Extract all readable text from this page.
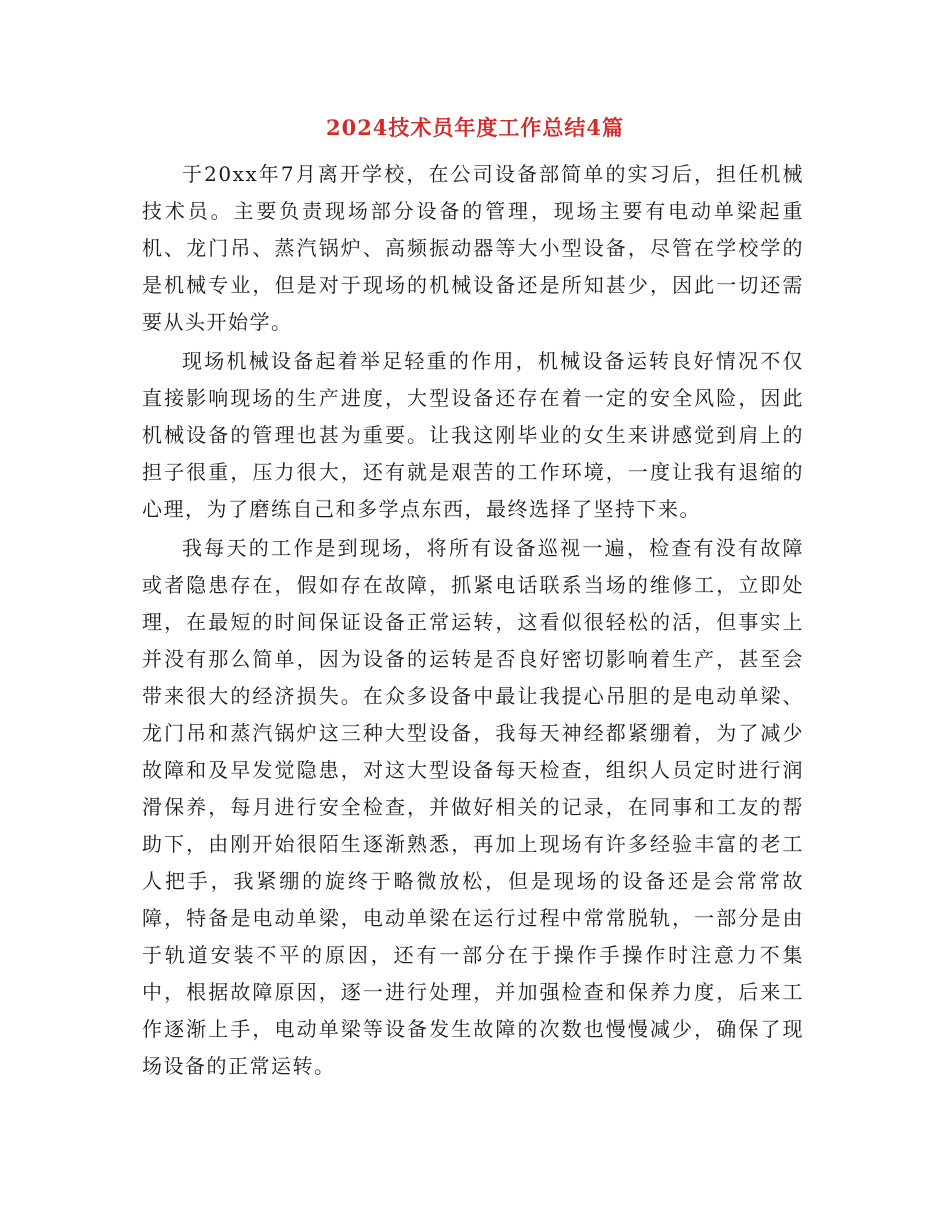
2024技术员年度工作总结4篇

于20xx年7月离开学校，在公司设备部简单的实习后，担任机械技术员。主要负责现场部分设备的管理，现场主要有电动单梁起重机、龙门吊、蒸汽锅炉、高频振动器等大小型设备，尽管在学校学的是机械专业，但是对于现场的机械设备还是所知甚少，因此一切还需要从头开始学。

现场机械设备起着举足轻重的作用，机械设备运转良好情况不仅直接影响现场的生产进度，大型设备还存在着一定的安全风险，因此机械设备的管理也甚为重要。让我这刚毕业的女生来讲感觉到肩上的担子很重，压力很大，还有就是艰苦的工作环境，一度让我有退缩的心理，为了磨练自己和多学点东西，最终选择了坚持下来。

我每天的工作是到现场，将所有设备巡视一遍，检查有没有故障或者隐患存在，假如存在故障，抓紧电话联系当场的维修工，立即处理，在最短的时间保证设备正常运转，这看似很轻松的活，但事实上并没有那么简单，因为设备的运转是否良好密切影响着生产，甚至会带来很大的经济损失。在众多设备中最让我提心吊胆的是电动单梁、龙门吊和蒸汽锅炉这三种大型设备，我每天神经都紧绷着，为了减少故障和及早发觉隐患，对这大型设备每天检查，组织人员定时进行润滑保养，每月进行安全检查，并做好相关的记录，在同事和工友的帮助下，由刚开始很陌生逐渐熟悉，再加上现场有许多经验丰富的老工人把手，我紧绷的旋终于略微放松，但是现场的设备还是会常常故障，特备是电动单梁，电动单梁在运行过程中常常脱轨，一部分是由于轨道安装不平的原因，还有一部分在于操作手操作时注意力不集中，根据故障原因，逐一进行处理，并加强检查和保养力度，后来工作逐渐上手，电动单梁等设备发生故障的次数也慢慢减少，确保了现场设备的正常运转。
